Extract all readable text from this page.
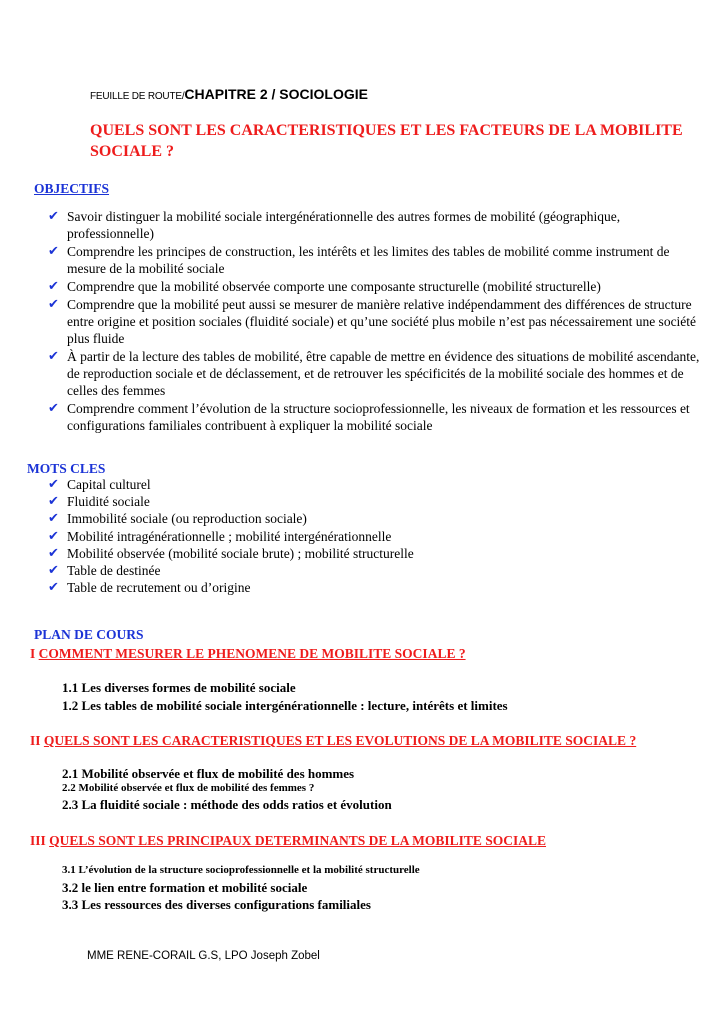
FEUILLE DE ROUTE/CHAPITRE 2 / SOCIOLOGIE
QUELS SONT LES CARACTERISTIQUES ET LES FACTEURS DE LA MOBILITE SOCIALE ?
OBJECTIFS
✔ Savoir distinguer la mobilité sociale intergénérationnelle des autres formes de mobilité (géographique, professionnelle)
✔ Comprendre les principes de construction, les intérêts et les limites des tables de mobilité comme instrument de mesure de la mobilité sociale
✔ Comprendre que la mobilité observée comporte une composante structurelle (mobilité structurelle)
✔ Comprendre que la mobilité peut aussi se mesurer de manière relative indépendamment des différences de structure entre origine et position sociales (fluidité sociale) et qu’une société plus mobile n’est pas nécessairement une société plus fluide
✔ À partir de la lecture des tables de mobilité, être capable de mettre en évidence des situations de mobilité ascendante, de reproduction sociale et de déclassement, et de retrouver les spécificités de la mobilité sociale des hommes et de celles des femmes
✔ Comprendre comment l’évolution de la structure socioprofessionnelle, les niveaux de formation et les ressources et configurations familiales contribuent à expliquer la mobilité sociale
MOTS CLES
✔ Capital culturel
✔ Fluidité sociale
✔ Immobilité sociale (ou reproduction sociale)
✔ Mobilité intragénérationnelle ; mobilité intergénérationnelle
✔ Mobilité observée (mobilité sociale brute) ; mobilité structurelle
✔ Table de destinée
✔ Table de recrutement ou d’origine
PLAN DE COURS
I COMMENT MESURER LE PHENOMENE DE MOBILITE SOCIALE ?
1.1 Les diverses formes de mobilité sociale
1.2 Les tables de mobilité sociale intergénérationnelle : lecture, intérêts et limites
II QUELS SONT LES CARACTERISTIQUES ET LES EVOLUTIONS DE LA MOBILITE SOCIALE ?
2.1 Mobilité observée et flux de mobilité des hommes
2.2 Mobilité observée et flux de mobilité des femmes ?
2.3 La fluidité sociale : méthode des odds ratios et évolution
III QUELS SONT LES PRINCIPAUX DETERMINANTS DE LA MOBILITE SOCIALE
3.1 L’évolution de la structure socioprofessionnelle et la mobilité structurelle
3.2 le lien entre formation et mobilité sociale
3.3 Les ressources des diverses configurations familiales
MME RENE-CORAIL G.S, LPO Joseph Zobel
